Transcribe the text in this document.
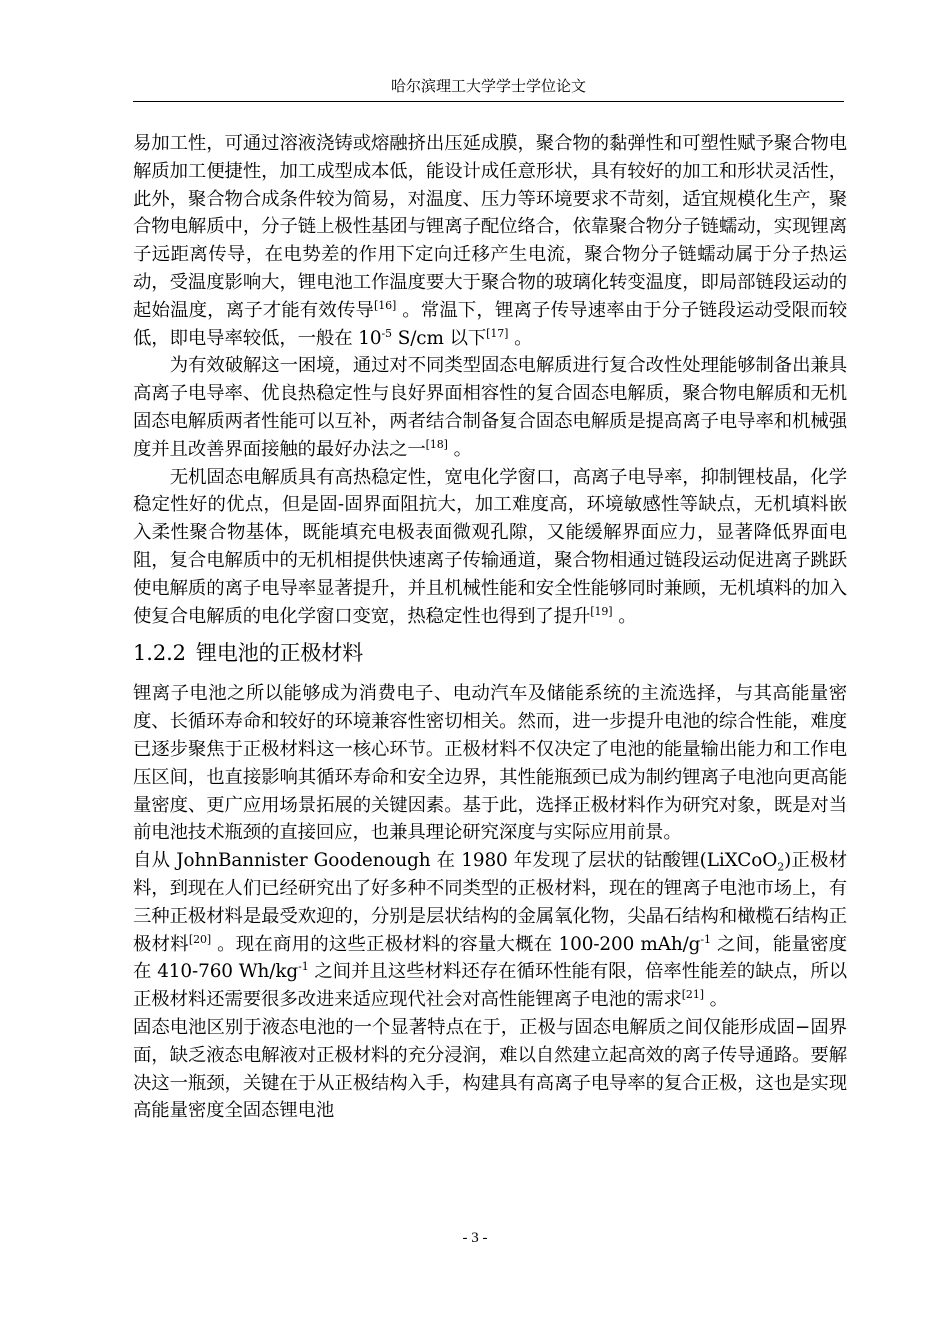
哈尔滨理工大学学士学位论文

易加工性，可通过溶液浇铸或熔融挤出压延成膜，聚合物的黏弹性和可塑性赋予聚合物电解质加工便捷性，加工成型成本低，能设计成任意形状，具有较好的加工和形状灵活性，此外，聚合物合成条件较为简易，对温度、压力等环境要求不苛刻，适宜规模化生产，聚合物电解质中，分子链上极性基团与锂离子配位络合，依靠聚合物分子链蠕动，实现锂离子远距离传导，在电势差的作用下定向迁移产生电流，聚合物分子链蠕动属于分子热运动，受温度影响大，锂电池工作温度要大于聚合物的玻璃化转变温度，即局部链段运动的起始温度，离子才能有效传导[16] 。常温下，锂离子传导速率由于分子链段运动受限而较低，即电导率较低，一般在 $10^{-5}$ S/cm 以下[17] 。

为有效破解这一困境，通过对不同类型固态电解质进行复合改性处理能够制备出兼具高离子电导率、优良热稳定性与良好界面相容性的复合固态电解质，聚合物电解质和无机固态电解质两者性能可以互补，两者结合制备复合固态电解质是提高离子电导率和机械强度并且改善界面接触的最好办法之一[18] 。

无机固态电解质具有高热稳定性，宽电化学窗口，高离子电导率，抑制锂枝晶，化学稳定性好的优点，但是固-固界面阻抗大，加工难度高，环境敏感性等缺点，无机填料嵌入柔性聚合物基体，既能填充电极表面微观孔隙，又能缓解界面应力，显著降低界面电阻，复合电解质中的无机相提供快速离子传输通道，聚合物相通过链段运动促进离子跳跃使电解质的离子电导率显著提升，并且机械性能和安全性能够同时兼顾，无机填料的加入使复合电解质的电化学窗口变宽，热稳定性也得到了提升[19] 。

1.2.2 锂电池的正极材料

锂离子电池之所以能够成为消费电子、电动汽车及储能系统的主流选择，与其高能量密度、长循环寿命和较好的环境兼容性密切相关。然而，进一步提升电池的综合性能，难度已逐步聚焦于正极材料这一核心环节。正极材料不仅决定了电池的能量输出能力和工作电压区间，也直接影响其循环寿命和安全边界，其性能瓶颈已成为制约锂离子电池向更高能量密度、更广应用场景拓展的关键因素。基于此，选择正极材料作为研究对象，既是对当前电池技术瓶颈的直接回应，也兼具理论研究深度与实际应用前景。

自从 JohnBannister Goodenough 在 1980 年发现了层状的钴酸锂(LiXCoO$_2$)正极材料，到现在人们已经研究出了好多种不同类型的正极材料，现在的锂离子电池市场上，有三种正极材料是最受欢迎的，分别是层状结构的金属氧化物，尖晶石结构和橄榄石结构正极材料[20] 。现在商用的这些正极材料的容量大概在 100-200 mAh/$g^{-1}$ 之间，能量密度在 410-760 $Wh/kg^{-1}$ 之间并且这些材料还存在循环性能有限，倍率性能差的缺点，所以正极材料还需要很多改进来适应现代社会对高性能锂离子电池的需求[21] 。

固态电池区别于液态电池的一个显著特点在于，正极与固态电解质之间仅能形成固−固界面，缺乏液态电解液对正极材料的充分浸润，难以自然建立起高效的离子传导通路。要解决这一瓶颈，关键在于从正极结构入手，构建具有高离子电导率的复合正极，这也是实现高能量密度全固态锂电池

- 3 -
